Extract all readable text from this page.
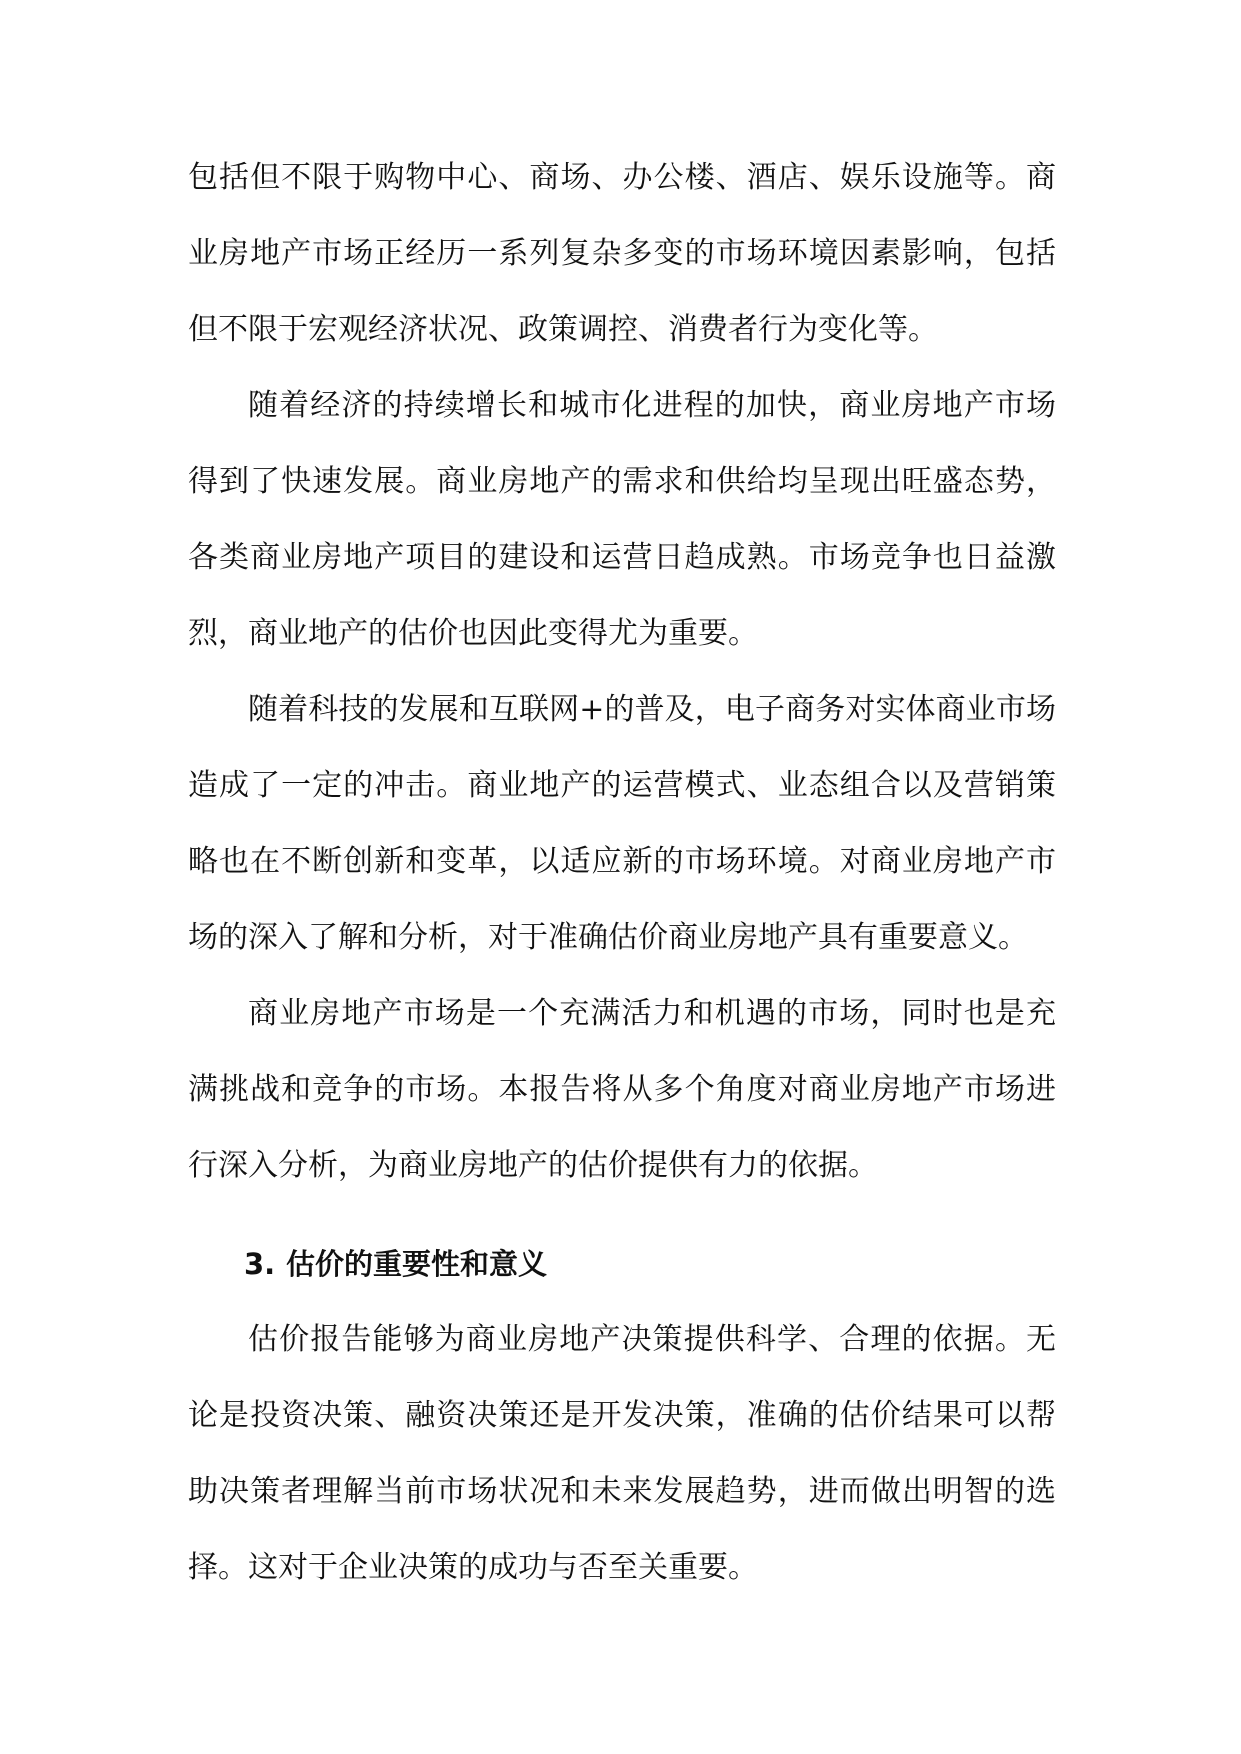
包括但不限于购物中心、商场、办公楼、酒店、娱乐设施等。商业房地产市场正经历一系列复杂多变的市场环境因素影响，包括但不限于宏观经济状况、政策调控、消费者行为变化等。

随着经济的持续增长和城市化进程的加快，商业房地产市场得到了快速发展。商业房地产的需求和供给均呈现出旺盛态势，各类商业房地产项目的建设和运营日趋成熟。市场竞争也日益激烈，商业地产的估价也因此变得尤为重要。

随着科技的发展和互联网+的普及，电子商务对实体商业市场造成了一定的冲击。商业地产的运营模式、业态组合以及营销策略也在不断创新和变革，以适应新的市场环境。对商业房地产市场的深入了解和分析，对于准确估价商业房地产具有重要意义。

商业房地产市场是一个充满活力和机遇的市场，同时也是充满挑战和竞争的市场。本报告将从多个角度对商业房地产市场进行深入分析，为商业房地产的估价提供有力的依据。

3. 估价的重要性和意义

估价报告能够为商业房地产决策提供科学、合理的依据。无论是投资决策、融资决策还是开发决策，准确的估价结果可以帮助决策者理解当前市场状况和未来发展趋势，进而做出明智的选择。这对于企业决策的成功与否至关重要。
